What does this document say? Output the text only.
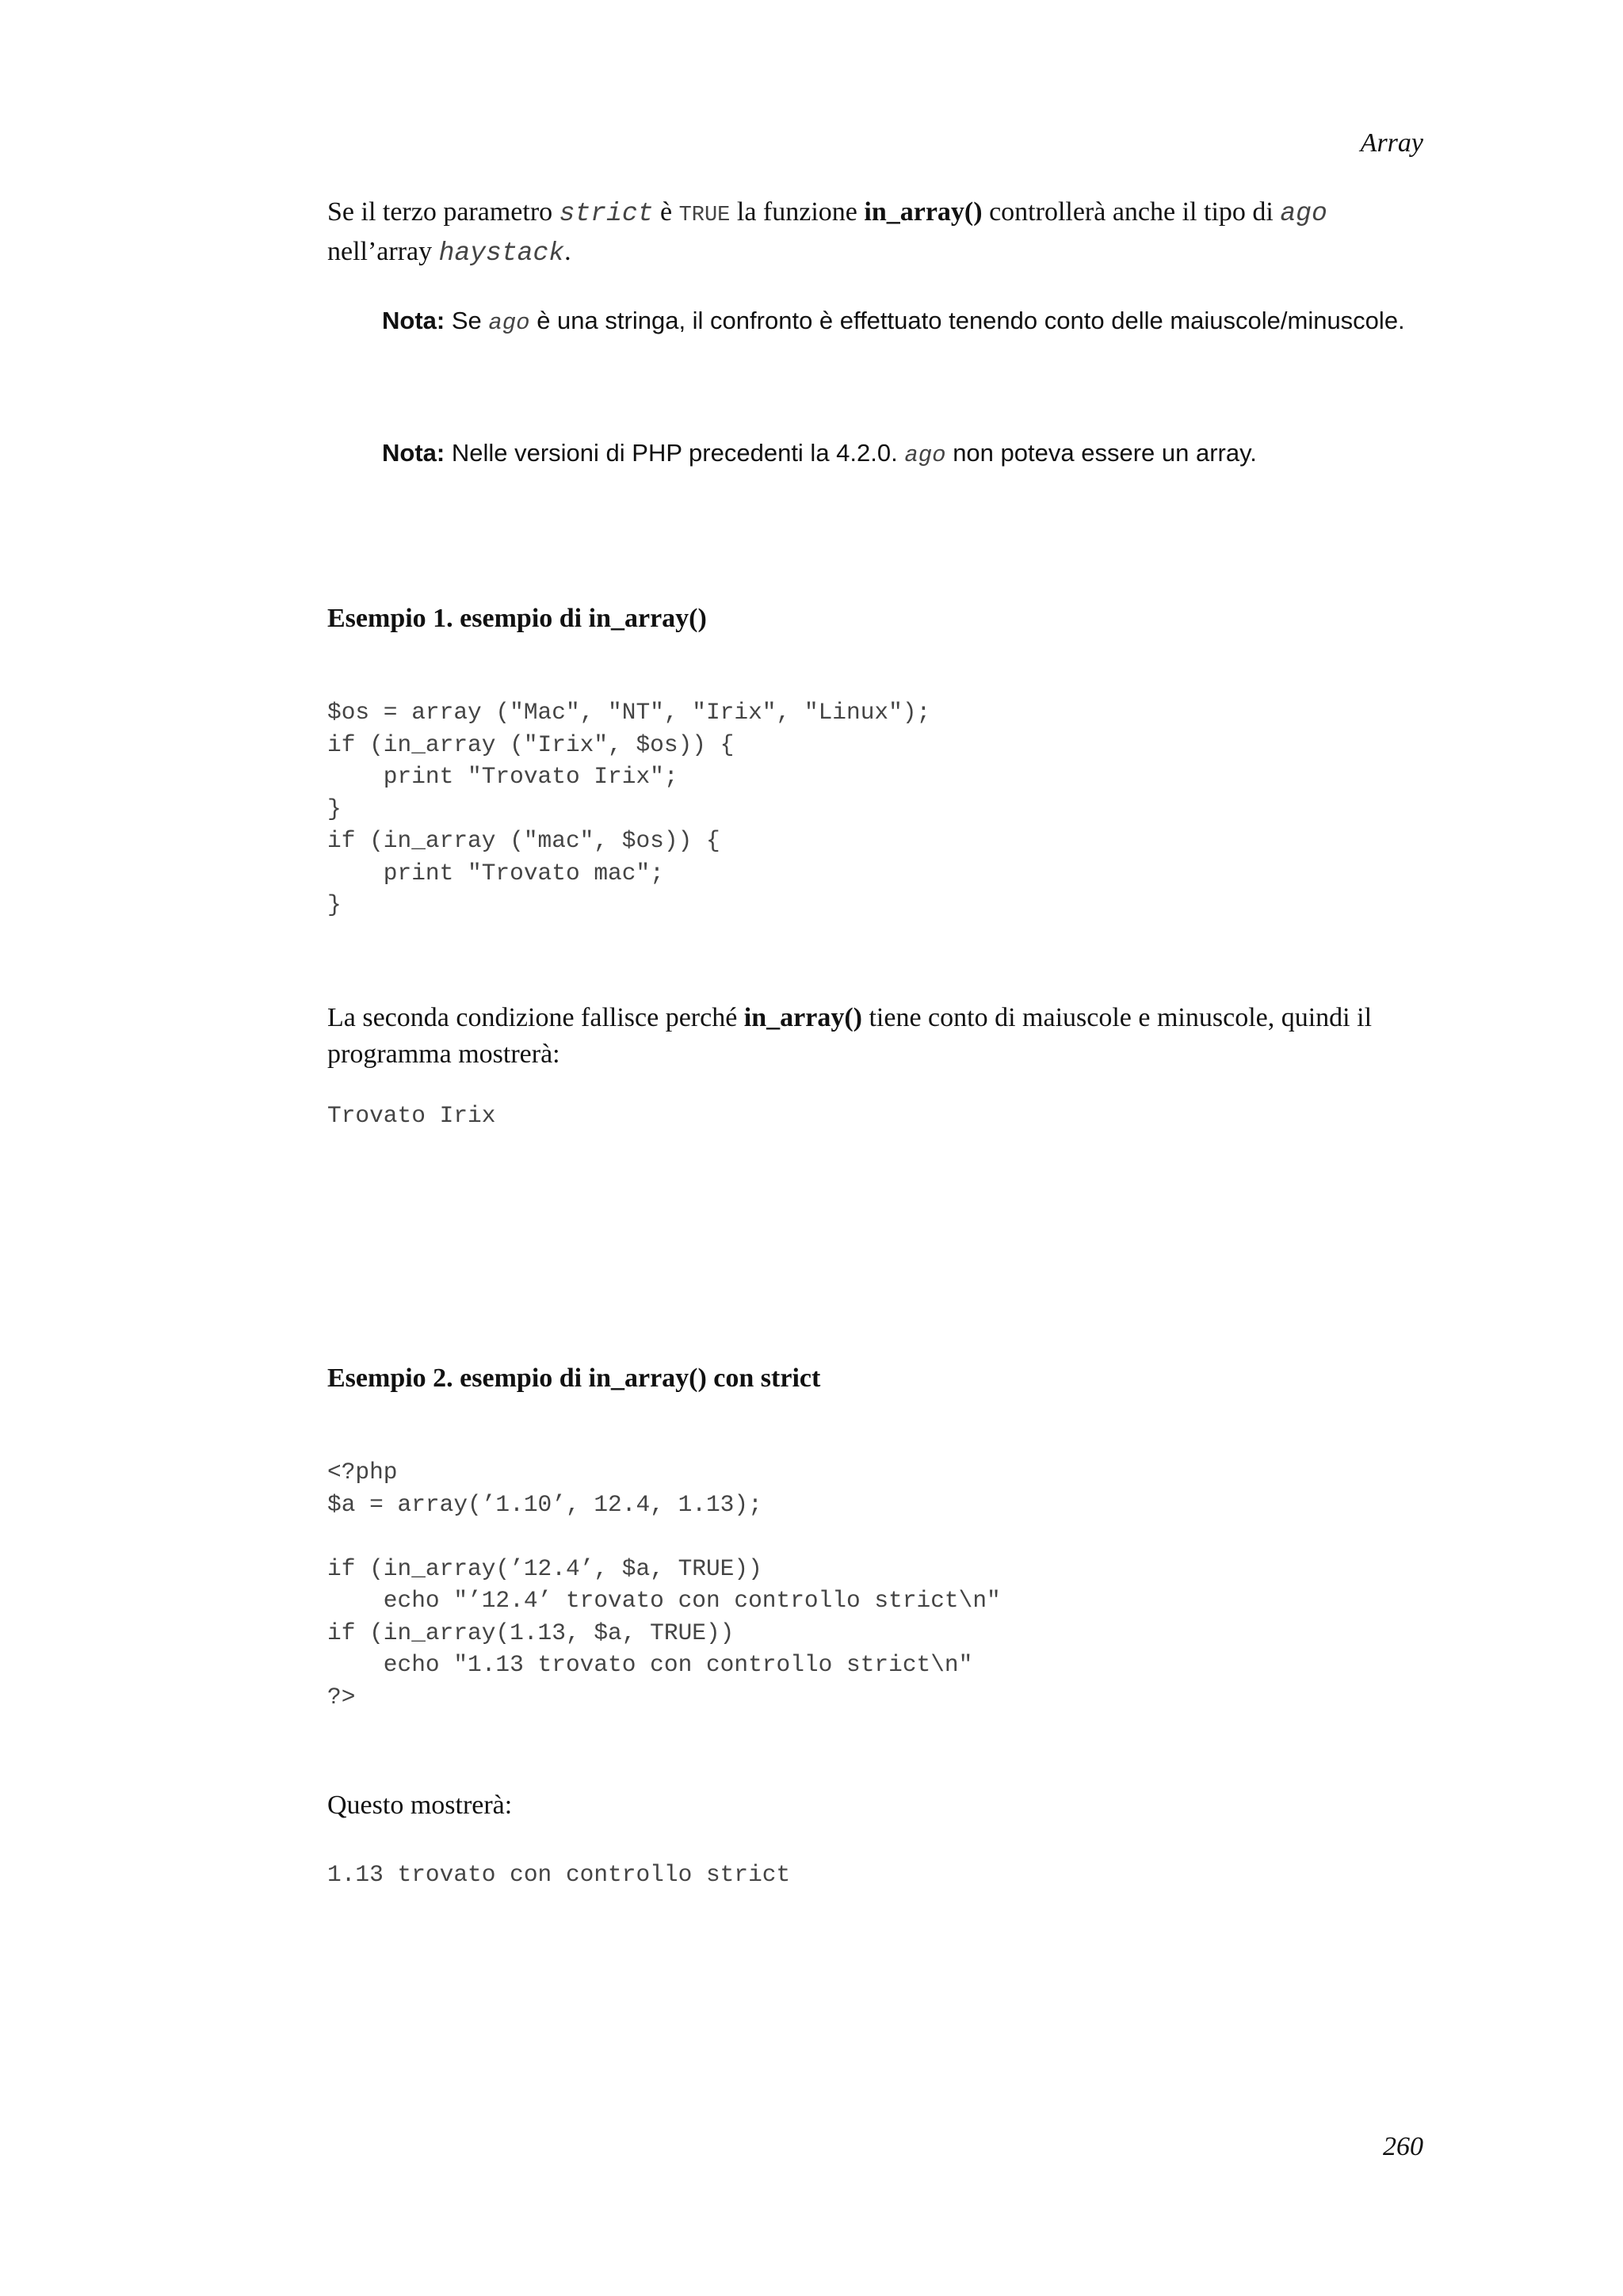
Array
Se il terzo parametro strict è TRUE la funzione in_array() controllerà anche il tipo di ago
nell’array haystack.
Nota: Se ago è una stringa, il confronto è effettuato tenendo conto delle maiuscole/minuscole.
Nota: Nelle versioni di PHP precedenti la 4.2.0. ago non poteva essere un array.
Esempio 1. esempio di in_array()
$os = array ("Mac", "NT", "Irix", "Linux");
if (in_array ("Irix", $os)) {
print "Trovato Irix";
}
if (in_array ("mac", $os)) {
print "Trovato mac";
}
La seconda condizione fallisce perché in_array() tiene conto di maiuscole e minuscole, quindi il programma mostrerà:
Trovato Irix
Esempio 2. esempio di in_array() con strict
<?php
$a = array(’1.10’, 12.4, 1.13);

if (in_array(’12.4’, $a, TRUE))
echo "’12.4’ trovato con controllo strict\n"
if (in_array(1.13, $a, TRUE))
echo "1.13 trovato con controllo strict\n"
?>
Questo mostrerà:
1.13 trovato con controllo strict
260
